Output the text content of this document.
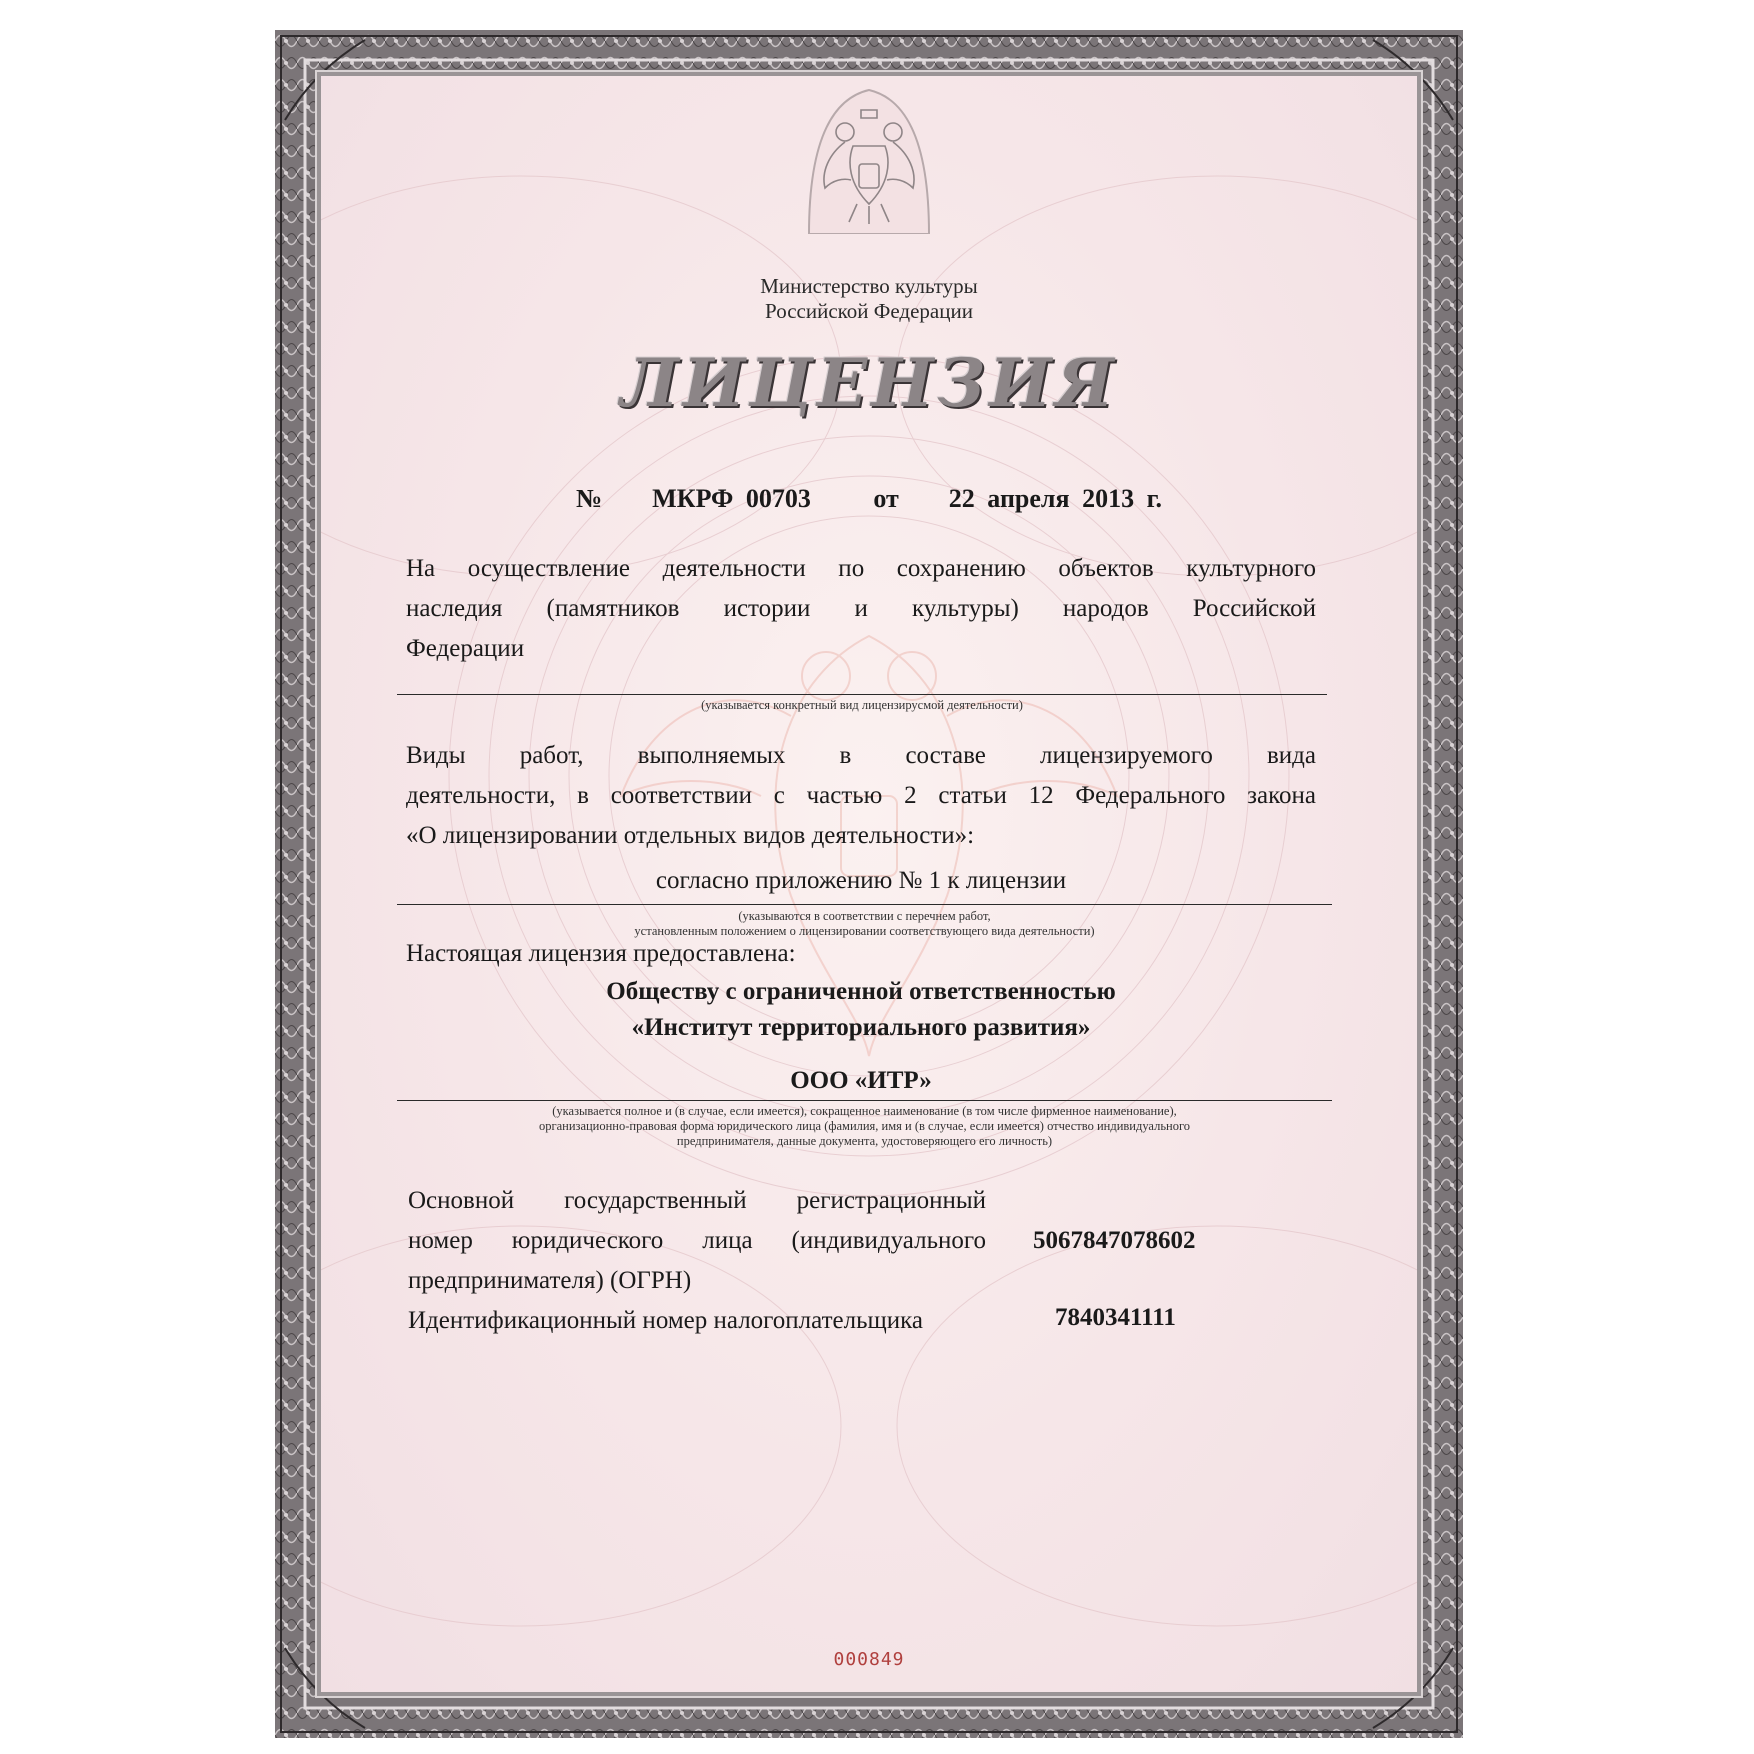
Министерство культуры
Российской Федерации
ЛИЦЕНЗИЯ
№ МКРФ 00703 от 22 апреля 2013 г.
На осуществление деятельности по сохранению объектов культурного
наследия (памятников истории и культуры) народов Российской
Федерации
(указывается конкретный вид лицензирусмой деятельности)
Виды работ, выполняемых в составе лицензируемого вида
деятельности, в соответствии с частью 2 статьи 12 Федерального закона
«О лицензировании отдельных видов деятельности»:
согласно приложению № 1 к лицензии
(указываются в соответствии с перечнем работ,
установленным положением о лицензировании соответствующего вида деятельности)
Настоящая лицензия предоставлена:
Обществу с ограниченной ответственностью
«Институт территориального развития»
ООО «ИТР»
(указывается полное и (в случае, если имеется), сокращенное наименование (в том числе фирменное наименование),
организационно-правовая форма юридического лица (фамилия, имя и (в случае, если имеется) отчество индивидуального
предпринимателя, данные документа, удостоверяющего его личность)
Основной государственный регистрационный
номер юридического лица (индивидуального
предпринимателя) (ОГРН)
5067847078602
Идентификационный номер налогоплательщика	7840341111
000849
